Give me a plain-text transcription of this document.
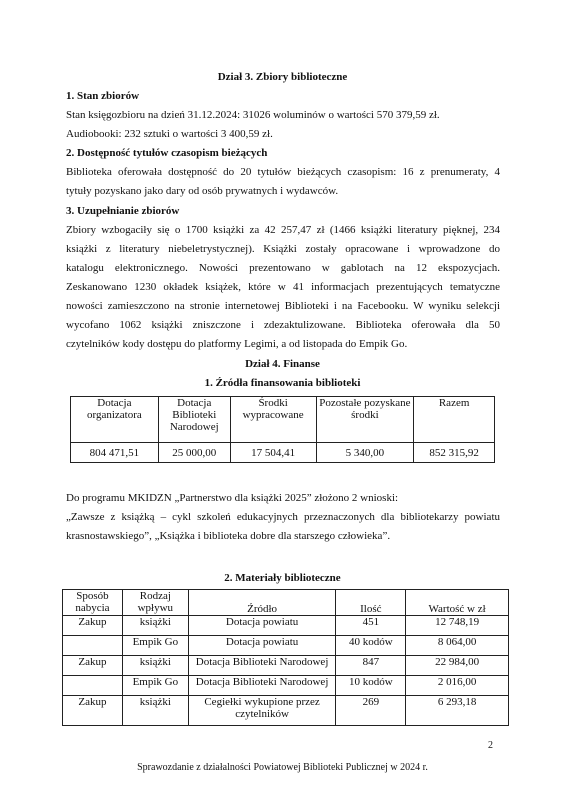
Dział 3. Zbiory biblioteczne
1. Stan zbiorów
Stan księgozbioru na dzień 31.12.2024: 31026 woluminów o wartości 570 379,59 zł.
Audiobooki: 232 sztuki o wartości 3 400,59 zł.
2. Dostępność tytułów czasopism bieżących
Biblioteka oferowała dostępność do 20 tytułów bieżących czasopism: 16 z prenumeraty, 4
tytuły pozyskano jako dary od osób prywatnych i wydawców.
3. Uzupełnianie zbiorów
Zbiory wzbogaciły się o 1700 książki za 42 257,47 zł (1466 książki literatury pięknej, 234
książki z literatury niebeletrystycznej). Książki zostały opracowane i wprowadzone do
katalogu elektronicznego. Nowości prezentowano w gablotach na 12 ekspozycjach.
Zeskanowano 1230 okładek książek, które w 41 informacjach prezentujących tematyczne
nowości zamieszczono na stronie internetowej Biblioteki i na Facebooku. W wyniku selekcji
wycofano 1062 książki zniszczone i zdezaktulizowane. Biblioteka oferowała dla 50
czytelników kody dostępu do platformy Legimi, a od listopada do Empik Go.
Dział 4. Finanse
1. Źródła finansowania biblioteki
Dotacja organizatora	Dotacja Biblioteki Narodowej	Środki wypracowane	Pozostałe pozyskane środki	Razem
804 471,51	25 000,00	17 504,41	5 340,00	852 315,92
Do programu MKIDZN „Partnerstwo dla książki 2025” złożono 2 wnioski:
„Zawsze z książką – cykl szkoleń edukacyjnych przeznaczonych dla bibliotekarzy powiatu
krasnostawskiego”, „Książka i biblioteka dobre dla starszego człowieka”.
2. Materiały biblioteczne
Sposób nabycia	Rodzaj wpływu	Źródło	Ilość	Wartość w zł
Zakup	książki	Dotacja powiatu	451	12 748,19
	Empik Go	Dotacja powiatu	40 kodów	8 064,00
Zakup	książki	Dotacja Biblioteki Narodowej	847	22 984,00
	Empik Go	Dotacja Biblioteki Narodowej	10 kodów	2 016,00
Zakup	książki	Cegiełki wykupione przez czytelników	269	6 293,18
2
Sprawozdanie z działalności Powiatowej Biblioteki Publicznej w 2024 r.
